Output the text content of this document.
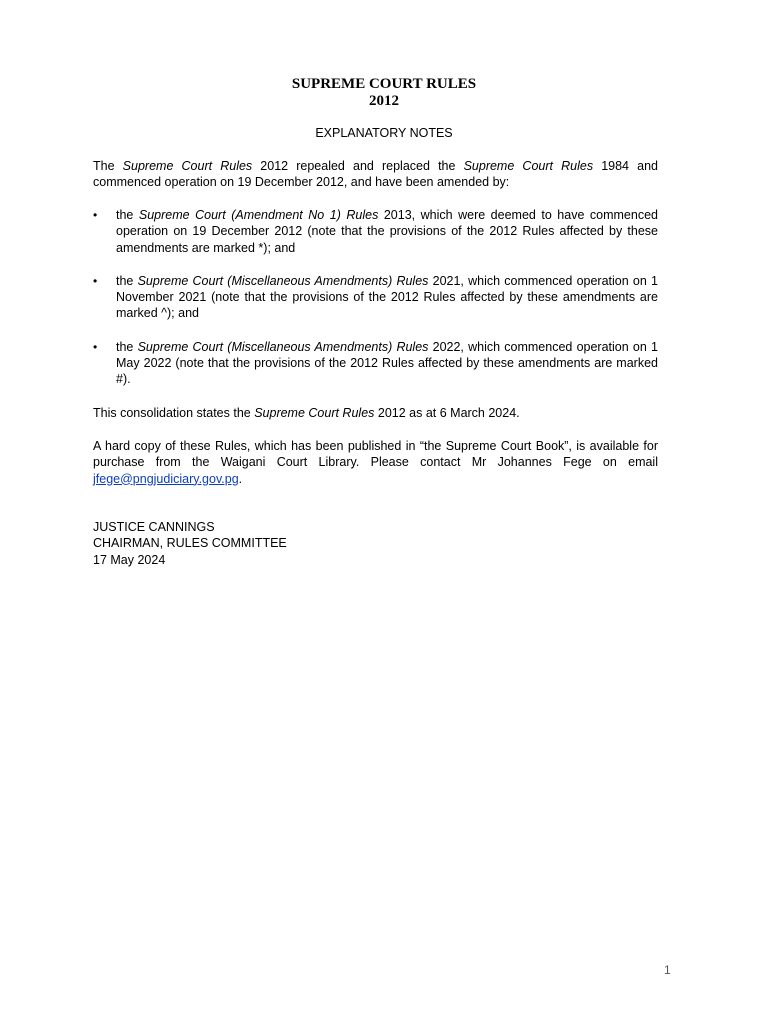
SUPREME COURT RULES
2012
EXPLANATORY NOTES
The Supreme Court Rules 2012 repealed and replaced the Supreme Court Rules 1984 and commenced operation on 19 December 2012, and have been amended by:
•	the Supreme Court (Amendment No 1) Rules 2013, which were deemed to have commenced operation on 19 December 2012 (note that the provisions of the 2012 Rules affected by these amendments are marked *); and
•	the Supreme Court (Miscellaneous Amendments) Rules 2021, which commenced operation on 1 November 2021 (note that the provisions of the 2012 Rules affected by these amendments are marked ^); and
•	the Supreme Court (Miscellaneous Amendments) Rules 2022, which commenced operation on 1 May 2022 (note that the provisions of the 2012 Rules affected by these amendments are marked #).
This consolidation states the Supreme Court Rules 2012 as at 6 March 2024.
A hard copy of these Rules, which has been published in “the Supreme Court Book”, is available for purchase from the Waigani Court Library. Please contact Mr Johannes Fege on email jfege@pngjudiciary.gov.pg.
JUSTICE CANNINGS
CHAIRMAN, RULES COMMITTEE
17 May 2024
1
